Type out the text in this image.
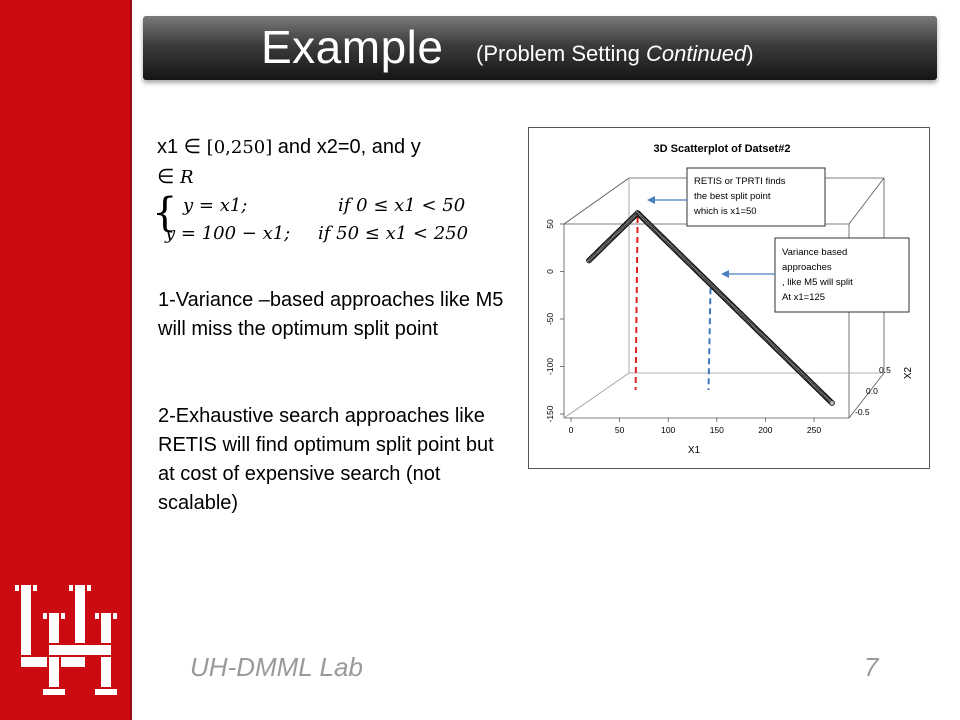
Example (Problem Setting Continued)
x1 ∈ [0,250] and x2=0, and y
∈ R
{ y = x1;	if 0 ≤ x1 < 50
y = 100 − x1; if 50 ≤ x1 < 250
1-Variance –based approaches like M5 will miss the optimum split point
2-Exhaustive search approaches like RETIS will find optimum split point but at cost of expensive search (not scalable)
3D Scatterplot of Datset#2
0	50	100	150	200	250
50
0
-50
-100
-150
0.5
0.0
-0.5
X1
X2
RETIS or TPRTI finds
the best split point
which is x1=50
Variance based
approaches
, like M5 will split
At x1=125
UH-DMML Lab	7
